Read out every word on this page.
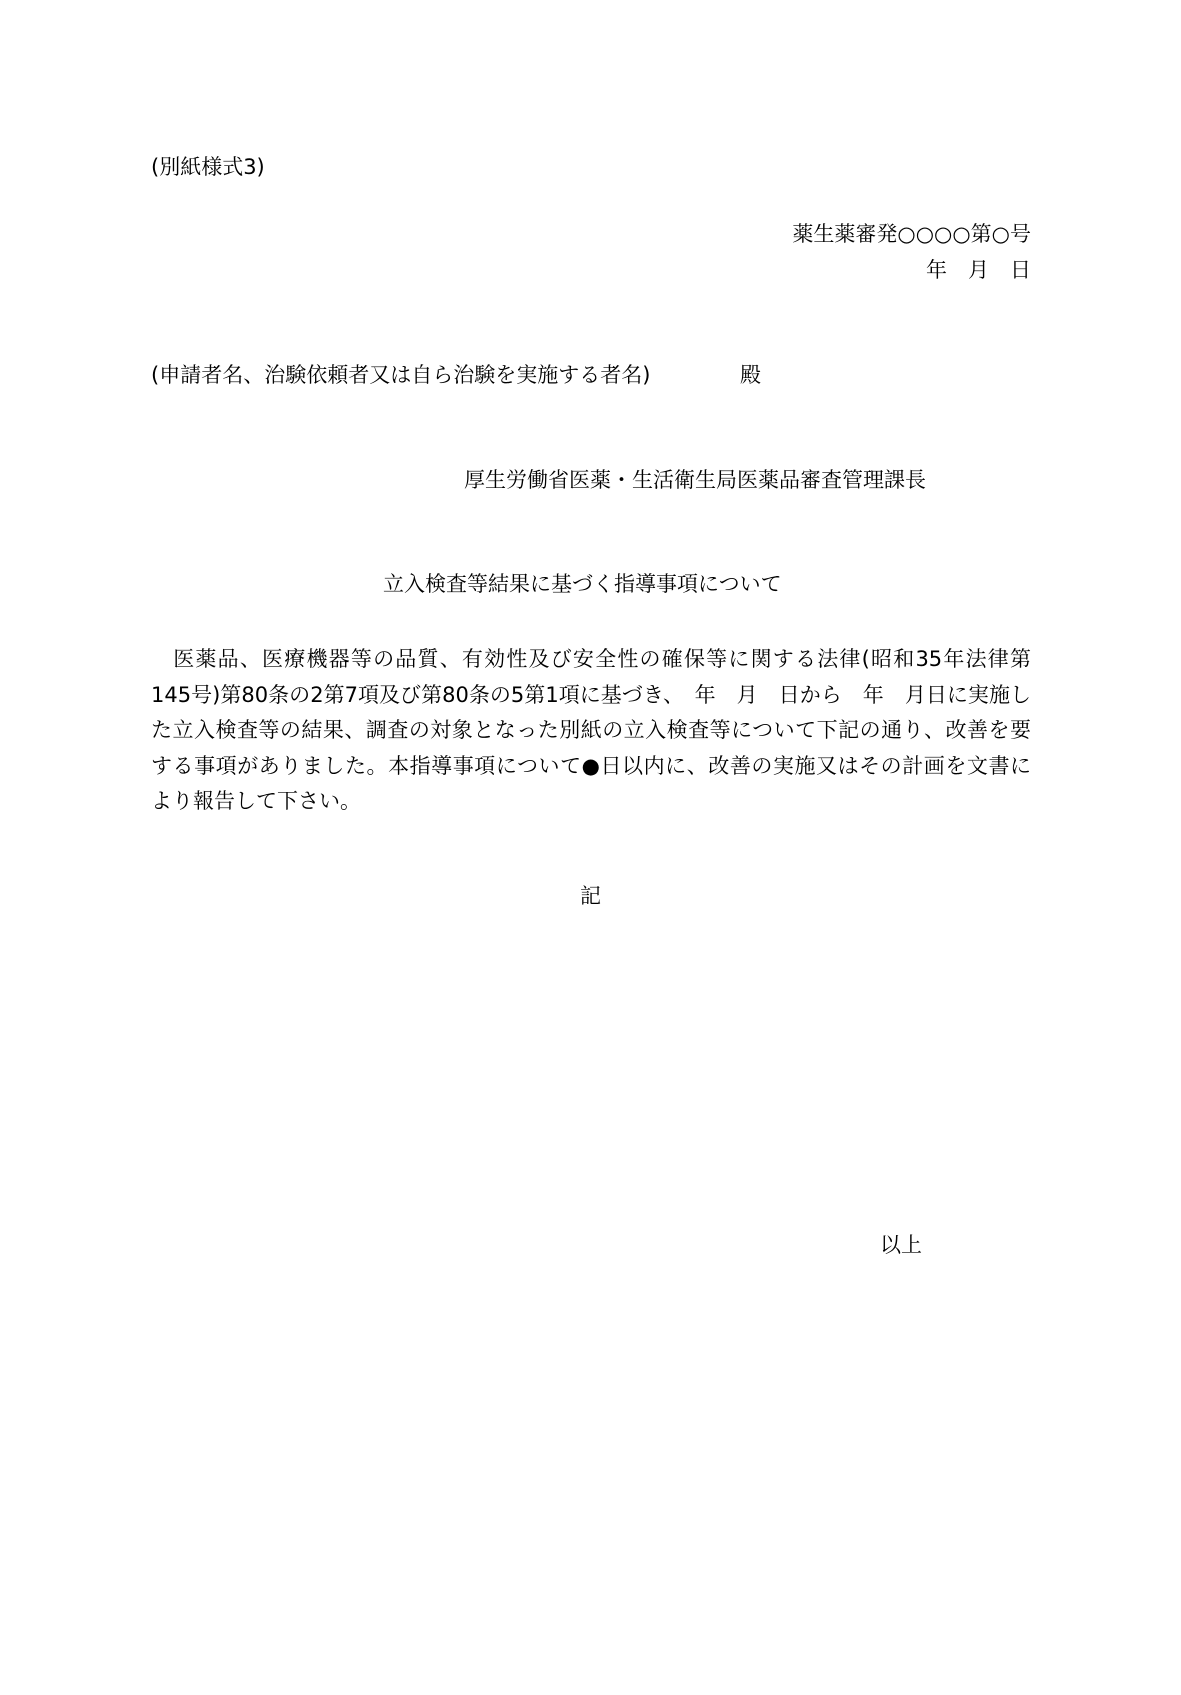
(別紙様式3)
薬生薬審発○○○○第○号
年　月　日
(申請者名、治験依頼者又は自ら治験を実施する者名)	殿
厚生労働省医薬・生活衛生局医薬品審査管理課長
立入検査等結果に基づく指導事項について
　医薬品、医療機器等の品質、有効性及び安全性の確保等に関する法律(昭和35年法律第
145号)第80条の2第7項及び第80条の5第1項に基づき、　年　月　日から　年　月日に実施し
た立入検査等の結果、調査の対象となった別紙の立入検査等について下記の通り、改善を要
する事項がありました。本指導事項について●日以内に、改善の実施又はその計画を文書に
より報告して下さい。
記
以上
